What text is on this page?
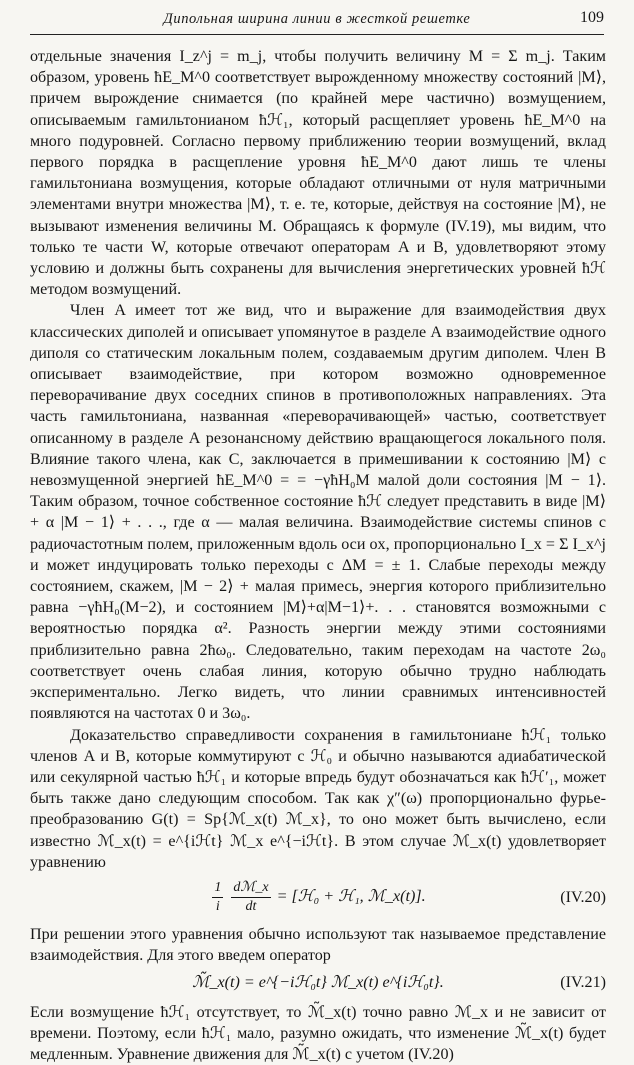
Дипольная ширина линии в жесткой решетке	109

отдельные значения I_z^j = m_j, чтобы получить величину M = Σ m_j. Таким образом, уровень ħE_M^0 соответствует вырожденному множеству состояний |M⟩, причем вырождение снимается (по крайней мере частично) возмущением, описываемым гамильтонианом ħℋ₁, который расщепляет уровень ħE_M^0 на много подуровней. Согласно первому приближению теории возмущений, вклад первого порядка в расщепление уровня ħE_M^0 дают лишь те члены гамильтониана возмущения, которые обладают отличными от нуля матричными элементами внутри множества |M⟩, т. е. те, которые, действуя на состояние |M⟩, не вызывают изменения величины M. Обращаясь к формуле (IV.19), мы видим, что только те части W, которые отвечают операторам A и B, удовлетворяют этому условию и должны быть сохранены для вычисления энергетических уровней ħℋ методом возмущений.

Член A имеет тот же вид, что и выражение для взаимодействия двух классических диполей и описывает упомянутое в разделе А взаимодействие одного диполя со статическим локальным полем, создаваемым другим диполем. Член B описывает взаимодействие, при котором возможно одновременное переворачивание двух соседних спинов в противоположных направлениях. Эта часть гамильтониана, названная «переворачивающей» частью, соответствует описанному в разделе А резонансному действию вращающегося локального поля. Влияние такого члена, как C, заключается в примешивании к состоянию |M⟩ с невозмущенной энергией ħE_M^0 = = −γħH₀M малой доли состояния |M − 1⟩. Таким образом, точное собственное состояние ħℋ следует представить в виде |M⟩ + α |M − 1⟩ + . . ., где α — малая величина. Взаимодействие системы спинов с радиочастотным полем, приложенным вдоль оси ox, пропорционально I_x = Σ I_x^j и может индуцировать только переходы с ΔM = ± 1. Слабые переходы между состоянием, скажем, |M − 2⟩ + малая примесь, энергия которого приблизительно равна −γħH₀(M−2), и состоянием |M⟩+α|M−1⟩+. . . становятся возможными с вероятностью порядка α². Разность энергии между этими состояниями приблизительно равна 2ħω₀. Следовательно, таким переходам на частоте 2ω₀ соответствует очень слабая линия, которую обычно трудно наблюдать экспериментально. Легко видеть, что линии сравнимых интенсивностей появляются на частотах 0 и 3ω₀.

Доказательство справедливости сохранения в гамильтониане ħℋ₁ только членов A и B, которые коммутируют с ℋ₀ и обычно называются адиабатической или секулярной частью ħℋ₁ и которые впредь будут обозначаться как ħℋ′₁, может быть также дано следующим способом. Так как χ″(ω) пропорционально фурье-преобразованию G(t) = Sp{ℳ_x(t) ℳ_x}, то оно может быть вычислено, если известно ℳ_x(t) = e^{iℋt} ℳ_x e^{−iℋt}. В этом случае ℳ_x(t) удовлетворяет уравнению

$\frac{1}{i}$
$\frac{\text{dℳ\_x}}{dt}$ = [ℋ₀ + ℋ₁, ℳ_x(t)].	(IV.20)

При решении этого уравнения обычно используют так называемое представление взаимодействия. Для этого введем оператор

ℳ̃_x(t) = e^{−iℋ₀t} ℳ_x(t) e^{iℋ₀t}.	(IV.21)

Если возмущение ħℋ₁ отсутствует, то ℳ̃_x(t) точно равно ℳ_x и не зависит от времени. Поэтому, если ħℋ₁ мало, разумно ожидать, что изменение ℳ̃_x(t) будет медленным. Уравнение движения для ℳ̃_x(t) с учетом (IV.20)
